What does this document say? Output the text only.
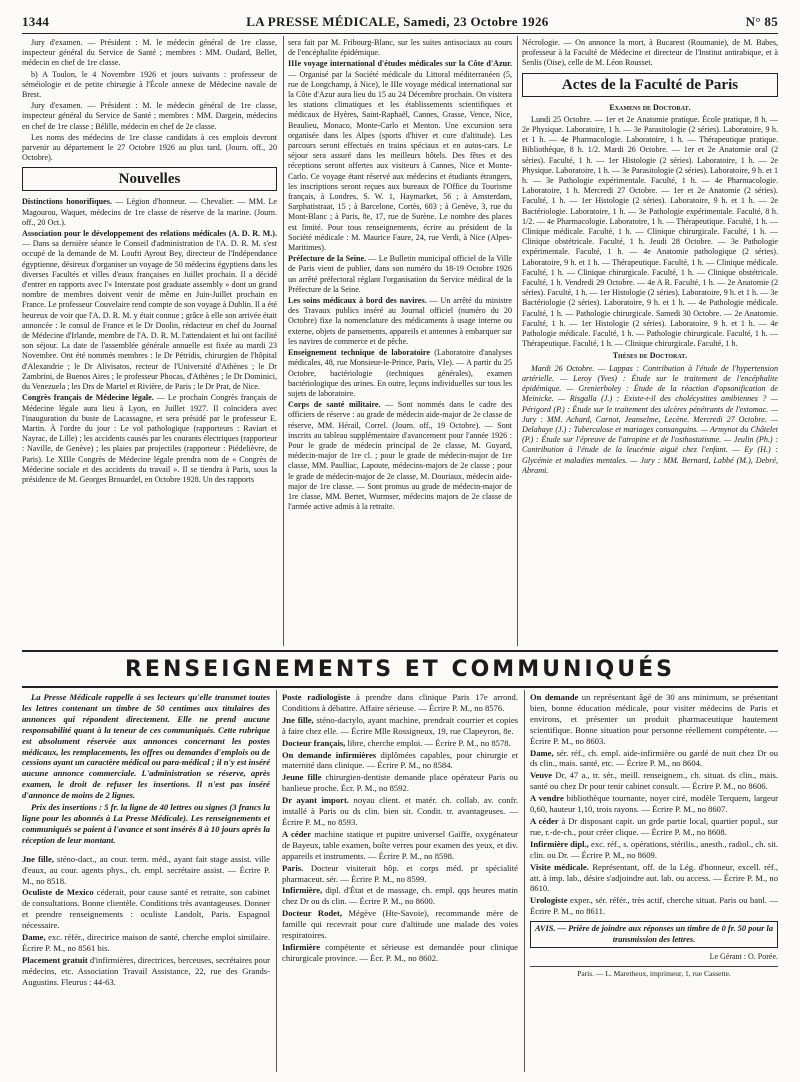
1344	LA PRESSE MÉDICALE, Samedi, 23 Octobre 1926	N° 85

Jury d'examen. — Président : M. le médecin général de 1re classe, inspecteur général du Service de Santé ; membres : MM. Oudard, Bellet, médecin en chef de 1re classe.

b) A Toulon, le 4 Novembre 1926 et jours suivants : professeur de séméiologie et de petite chirurgie à l'École annexe de Médecine navale de Brest.

Jury d'examen. — Président : M. le médecin général de 1re classe, inspecteur général du Service de Santé ; membres : MM. Dargein, médecins en chef de 1re classe ; Bélille, médecin en chef de 2e classe.

Les noms des médecins de 1re classe candidats à ces emplois devront parvenir au département le 27 Octobre 1926 au plus tard. (Journ. off., 20 Octobre).

Nouvelles

Distinctions honorifiques. — Légion d'honneur. — Chevalier. — MM. Le Magourou, Waquet, médecins de 1re classe de réserve de la marine. (Journ. off., 20 Oct.).

Association pour le développement des relations médicales (A. D. R. M.). — Dans sa dernière séance le Conseil d'administration de l'A. D. R. M. s'est occupé de la demande de M. Loufti Ayrout Bey, directeur de l'Indépendance égyptienne, désireux d'organiser un voyage de 50 médecins égyptiens dans les diverses Facultés et villes d'eaux françaises en Juillet prochain. Il a décidé d'entrer en rapports avec l'« Interstate post graduate assembly » dont un grand nombre de membres doivent venir de même en Juin-Juillet prochain en France. Le professeur Couvelaire rend compte de son voyage à Dublin. Il a été heureux de voir que l'A. D. R. M. y était connue ; grâce à elle son arrivée était annoncée : le consul de France et le Dr Doolin, rédacteur en chef du Journal de Médecine d'Irlande, membre de l'A. D. R. M. l'attendaient et lui ont facilité son séjour. La date de l'assemblée générale annuelle est fixée au mardi 23 Novembre. Ont été nommés membres : le Dr Pétridis, chirurgien de l'hôpital d'Alexandrie ; le Dr Alivisatos, recteur de l'Université d'Athènes ; le Dr Zambrini, de Buenos Aires ; le professeur Phocas, d'Athènes ; le Dr Dominici, du Venezuela ; les Drs de Martel et Rivière, de Paris ; le Dr Prat, de Nice.

Congrès français de Médecine légale. — Le prochain Congrès français de Médecine légale aura lieu à Lyon, en Juillet 1927. Il coïncidera avec l'inauguration du buste de Lacassagne, et sera présidé par le professeur E. Martin. À l'ordre du jour : Le vol pathologique (rapporteurs : Raviart et Nayrac, de Lille) ; les accidents causés par les courants électriques (rapporteur : Naville, de Genève) ; les plaies par projectiles (rapporteur : Piédelièvre, de Paris). Le XIIIe Congrès de Médecine légale prendra nom de « Congrès de Médecine sociale et des accidents du travail ». Il se tiendra à Paris, sous la présidence de M. Georges Brouardel, en Octobre 1928. Un des rapports

sera fait par M. Fribourg-Blanc, sur les suites antisociaux au cours de l'encéphalite épidémique.

IIIe voyage international d'études médicales sur la Côte d'Azur. — Organisé par la Société médicale du Littoral méditerranéen (5, rue de Longchamp, à Nice), le IIIe voyage médical international sur la Côte d'Azur aura lieu du 15 au 24 Décembre prochain. On visitera les stations climatiques et les établissements scientifiques et médicaux de Hyères, Saint-Raphaël, Cannes, Grasse, Vence, Nice, Beaulieu, Monaco, Monte-Carlo et Menton. Une excursion sera organisée dans les Alpes (sports d'hiver et cure d'altitude). Les parcours seront effectués en trains spéciaux et en autos-cars. Le séjour sera assuré dans les meilleurs hôtels. Des fêtes et des réceptions seront offertes aux visiteurs à Cannes, Nice et Monte-Carlo. Ce voyage étant réservé aux médecins et étudiants étrangers, les inscriptions seront reçues aux bureaux de l'Office du Tourisme français, à Londres, S. W. 1, Haymarket, 56 ; à Amsterdam, Sarphatistraat, 15 ; à Barcelone, Cortès, 603 ; à Genève, 3, rue du Mont-Blanc ; à Paris, 8e, 17, rue de Surène. Le nombre des places est limité. Pour tous renseignements, écrire au président de la Société médicale : M. Maurice Faure, 24, rue Verdi, à Nice (Alpes-Maritimes).

Préfecture de la Seine. — Le Bulletin municipal officiel de la Ville de Paris vient de publier, dans son numéro du 18-19 Octobre 1926 un arrêté préfectoral réglant l'organisation du Service médical de la Préfecture de la Seine.

Les soins médicaux à bord des navires. — Un arrêté du ministre des Travaux publics inséré au Journal officiel (numéro du 20 Octobre) fixe la nomenclature des médicaments à usage interne ou externe, objets de pansements, appareils et antennes à embarquer sur les navires de commerce et de pêche.

Enseignement technique de laboratoire (Laboratoire d'analyses médicales, 48, rue Monsieur-le-Prince, Paris, VIe). — A partir du 25 Octobre, bactériologie (techniques générales), examen bactériologique des urines. En outre, leçons individuelles sur tous les sujets de laboratoire.

Corps de santé militaire. — Sont nommés dans le cadre des officiers de réserve : au grade de médecin aide-major de 2e classe de réserve, MM. Hérail, Correl. (Journ. off., 19 Octobre). — Sont inscrits au tableau supplémentaire d'avancement pour l'année 1926 : Pour le grade de médecin principal de 2e classe, M. Guyard, médecin-major de 1re cl. ; pour le grade de médecin-major de 1re classe, MM. Paulliac, Lapoute, médecins-majors de 2e classe ; pour le grade de médecin-major de 2e classe, M. Douriaux, médecin aide-major de 1re classe. — Sont promus au grade de médecin-major de 1re classe, MM. Bertet, Wurmser, médecins majors de 2e classe de l'armée active admis à la retraite.

Nécrologie. — On annonce la mort, à Bucarest (Roumanie), de M. Babes, professeur à la Faculté de Médecine et directeur de l'Institut antirabique, et à Senlis (Oise), celle de M. Léon Rousset.

Actes de la Faculté de Paris
Examens de Doctorat.

Lundi 25 Octobre. — 1er et 2e Anatomie pratique. École pratique, 8 h. — 2e Physique. Laboratoire, 1 h. — 3e Parasitologie (2 séries). Laboratoire, 9 h. et 1 h. — 4e Pharmacologie. Laboratoire, 1 h. — Thérapeutique pratique. Bibliothèque, 8 h. 1/2. Mardi 26 Octobre. — 1er et 2e Anatomie oral (2 séries). Faculté, 1 h. — 1er Histologie (2 séries). Laboratoire, 1 h. — 2e Physique. Laboratoire, 1 h. — 3e Parasitologie (2 séries). Laboratoire, 9 h. et 1 h. — 3e Pathologie expérimentale. Faculté, 1 h. — 4e Pharmacologie. Laboratoire, 1 h. Mercredi 27 Octobre. — 1er et 2e Anatomie (2 séries). Faculté, 1 h. — 1er Histologie (2 séries). Laboratoire, 9 h. et 1 h. — 2e Bactériologie. Laboratoire, 1 h. — 3e Pathologie expérimentale. Faculté, 8 h. 1/2. — 4e Pharmacologie. Laboratoire, 1 h. — Thérapeutique. Faculté, 1 h. — Clinique médicale. Faculté, 1 h. — Clinique chirurgicale. Faculté, 1 h. — Clinique obstétricale. Faculté, 1 h. Jeudi 28 Octobre. — 3e Pathologie expérimentale. Faculté, 1 h. — 4e Anatomie pathologique (2 séries). Laboratoire, 9 h. et 1 h. — Thérapeutique. Faculté, 1 h. — Clinique médicale. Faculté, 1 h. — Clinique chirurgicale. Faculté, 1 h. — Clinique obstétricale. Faculté, 1 h. Vendredi 29 Octobre. — 4e A R. Faculté, 1 h. — 2e Anatomie (2 séries). Faculté, 1 h. — 1er Histologie (2 séries). Laboratoire, 9 h. et 1 h. — 3e Bactériologie (2 séries). Laboratoire, 9 h. et 1 h. — 4e Pathologie médicale. Faculté, 1 h. — Pathologie chirurgicale. Samedi 30 Octobre. — 2e Anatomie. Faculté, 1 h. — 1er Histologie (2 séries). Laboratoire, 9 h. et 1 h. — 4e Pathologie médicale. Faculté, 1 h. — Pathologie chirurgicale. Faculté, 1 h. — Thérapeutique. Faculté, 1 h. — Clinique chirurgicale. Faculté, 1 h.

Thèses de Doctorat.

Mardi 26 Octobre. — Lappas : Contribution à l'étude de l'hypertension artérielle. — Leroy (Yves) : Étude sur le traitement de l'encéphalite épidémique. — Grenierboley : Étude de la réaction d'opsonification de Meinicke. — Risgalla (J.) : Existe-t-il des cholécystites amibiennes ? — Périgord (P.) : Étude sur le traitement des ulcères pénétrants de l'estomac. — Jury : MM. Achard, Carnot, Jeanselme, Lecène. Mercredi 27 Octobre. — Delahaye (J.) : Tuberculose et mariages consanguins. — Armynot du Châtelet (P.) : Étude sur l'épreuve de l'atropine et de l'osthostatisme. — Jeulin (Ph.) : Contribution à l'étude de la leucémie aiguë chez l'enfant. — Ey (H.) : Glycémie et maladies mentales. — Jury : MM. Bernard, Labbé (M.), Debré, Abrami.

RENSEIGNEMENTS ET COMMUNIQUÉS

La Presse Médicale rappelle à ses lecteurs qu'elle transmet toutes les lettres contenant un timbre de 50 centimes aux titulaires des annonces qui répondent directement. Elle ne prend aucune responsabilité quant à la teneur de ces communiqués. Cette rubrique est absolument réservée aux annonces concernant les postes médicaux, les remplacements, les offres ou demandes d'emplois ou de cessions ayant un caractère médical ou para-médical ; il n'y est inséré aucune annonce commerciale. L'administration se réserve, après examen, le droit de refuser les insertions. Il n'est pas inséré d'annonce de moins de 2 lignes.

Prix des insertions : 5 fr. la ligne de 40 lettres ou signes (3 francs la ligne pour les abonnés à La Presse Médicale). Les renseignements et communiqués se paient à l'avance et sont insérés 8 à 10 jours après la réception de leur montant.

Jne fille, sténo-dact., au cour. term. méd., ayant fait stage assist. ville d'eaux, au cour. agents phys., ch. empl. secrétaire assist. — Écrire P. M., no 8518.

Oculiste de Mexico céderait, pour cause santé et retraite, son cabinet de consultations. Bonne clientèle. Conditions très avantageuses. Donner et prendre renseignements : oculiste Landolt, Paris. Espagnol nécessaire.

Dame, exc. référ., directrice maison de santé, cherche emploi similaire. Écrire P. M., no 8561 bis.

Placement gratuit d'infirmières, directrices, berceuses, secrétaires pour médecins, etc. Association Travail Assistance, 22, rue des Grands-Augustins. Fleurus : 44-63.

Poste radiologiste à prendre dans clinique Paris 17e arrond. Conditions à débattre. Affaire sérieuse. — Écrire P. M., no 8576.

Jne fille, sténo-dactylo, ayant machine, prendrait courrier et copies à faire chez elle. — Écrire Mlle Rossigneux, 19, rue Clapeyron, 8e.

Docteur français, libre, cherche emploi. — Écrire P. M., no 8578.

On demande infirmières diplômées capables, pour chirurgie et maternité dans clinique. — Écrire P. M., no 8584.

Jeune fille chirurgien-dentiste demande place opérateur Paris ou banlieue proche. Écr. P. M., no 8592.

Dr ayant import. noyau client. et matér. ch. collab. av. confr. installé à Paris ou ds clin. bien sit. Condit. tr. avantageuses. — Écrire P. M., no 8593.

A céder machine statique et pupitre universel Gaiffe, oxygénateur de Bayeux, table examen, boîte verres pour examen des yeux, et div. appareils et instruments. — Écrire P. M., no 8598.

Paris. Docteur visiterait hôp. et corps méd. pr spécialité pharmaceut. sér. — Écrire P. M., no 8599.

Infirmière, dipl. d'État et de massage, ch. empl. qqs heures matin chez Dr ou ds clin. — Écrire P. M., no 8600.

Docteur Rodet, Mégève (Hte-Savoie), recommande mère de famille qui recevrait pour cure d'altitude une malade des voies respiratoires.

Infirmière compétente et sérieuse est demandée pour clinique chirurgicale province. — Écr. P. M., no 8602.

On demande un représentant âgé de 30 ans minimum, se présentant bien, bonne éducation médicale, pour visiter médecins de Paris et environs, et présenter un produit pharmaceutique hautement scientifique. Bonne situation pour personne réellement compétente. — Écrire P. M., no 8603.

Dame, sér. réf., ch. empl. aide-infirmière ou gardé de nuit chez Dr ou ds clin., mais. santé, etc. — Écrire P. M., no 8604.

Veuve Dr, 47 a., tr. sér., meill. renseignem., ch. situat. ds clin., mais. santé ou chez Dr pour tenir cabinet consult. — Écrire P. M., no 8606.

A vendre bibliothèque tournante, noyer ciré, modèle Terquem, largeur 0,60, hauteur 1,10, trois rayons. — Écrire P. M., no 8607.

A céder à Dr disposant capit. un grde partie local, quartier popul., sur rue, r.-de-ch., pour créer clique. — Écrire P. M., no 8608.

Infirmière dipl., exc. réf., s. opérations, stérilis., anesth., radiol., ch. sit. clin. ou Dr. — Écrire P. M., no 8609.

Visite médicale. Représentant, off. de la Lég. d'honneur, excell. réf., att. à imp. lab., désire s'adjoindre aut. lab. ou access. — Écrire P. M., no 8610.

Urologiste exper., sér. référ., très actif, cherche situat. Paris ou banl. — Écrire P. M., no 8611.

AVIS. — Prière de joindre aux réponses un timbre de 0 fr. 50 pour la transmission des lettres.
Le Gérant : O. Porée.
Paris. — L. Maretheux, imprimeur, 1, rue Cassette.
